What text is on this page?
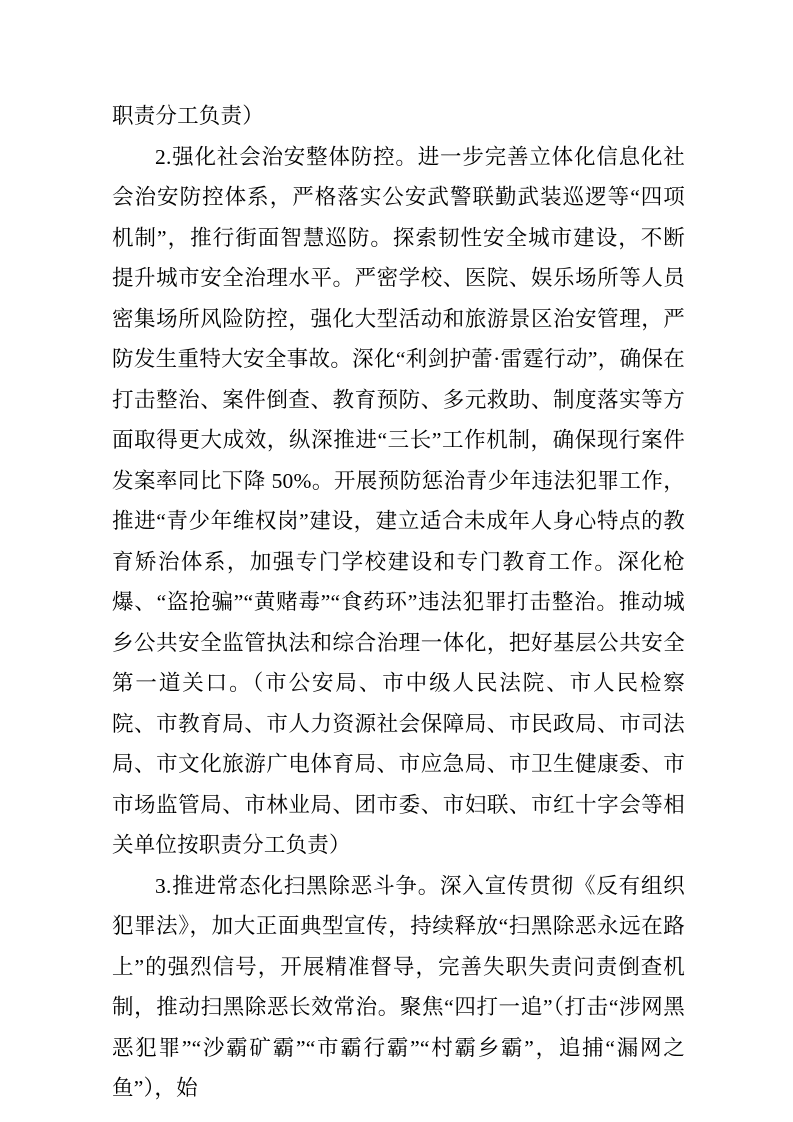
职责分工负责）

2.强化社会治安整体防控。进一步完善立体化信息化社会治安防控体系，严格落实公安武警联勤武装巡逻等“四项机制”，推行街面智慧巡防。探索韧性安全城市建设，不断提升城市安全治理水平。严密学校、医院、娱乐场所等人员密集场所风险防控，强化大型活动和旅游景区治安管理，严防发生重特大安全事故。深化“利剑护蕾·雷霆行动”，确保在打击整治、案件倒查、教育预防、多元救助、制度落实等方面取得更大成效，纵深推进“三长”工作机制，确保现行案件发案率同比下降 50%。开展预防惩治青少年违法犯罪工作，推进“青少年维权岗”建设，建立适合未成年人身心特点的教育矫治体系，加强专门学校建设和专门教育工作。深化枪爆、“盗抢骗”“黄赌毒”“食药环”违法犯罪打击整治。推动城乡公共安全监管执法和综合治理一体化，把好基层公共安全第一道关口。（市公安局、市中级人民法院、市人民检察院、市教育局、市人力资源社会保障局、市民政局、市司法局、市文化旅游广电体育局、市应急局、市卫生健康委、市市场监管局、市林业局、团市委、市妇联、市红十字会等相关单位按职责分工负责）

3.推进常态化扫黑除恶斗争。深入宣传贯彻《反有组织犯罪法》，加大正面典型宣传，持续释放“扫黑除恶永远在路上”的强烈信号，开展精准督导，完善失职失责问责倒查机制，推动扫黑除恶长效常治。聚焦“四打一追”（打击“涉网黑恶犯罪”“沙霸矿霸”“市霸行霸”“村霸乡霸”，追捕“漏网之鱼”），始
